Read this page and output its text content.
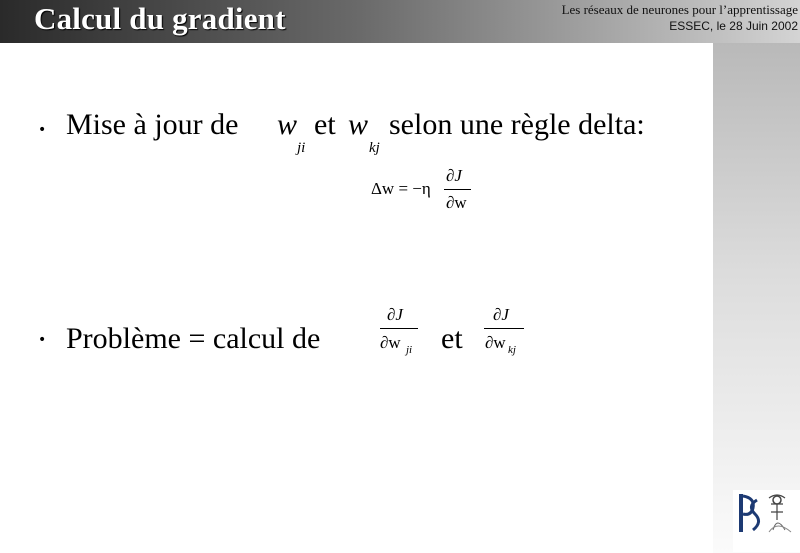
Calcul du gradient	Les réseaux de neurones pour l’apprentissage
ESSEC, le 28 Juin 2002
• Mise à jour de w
ji
et w
kj
selon une règle delta:
Δw = −η
∂J
∂w
• Problème = calcul de
∂J
∂w ji et
∂J
∂w kj
